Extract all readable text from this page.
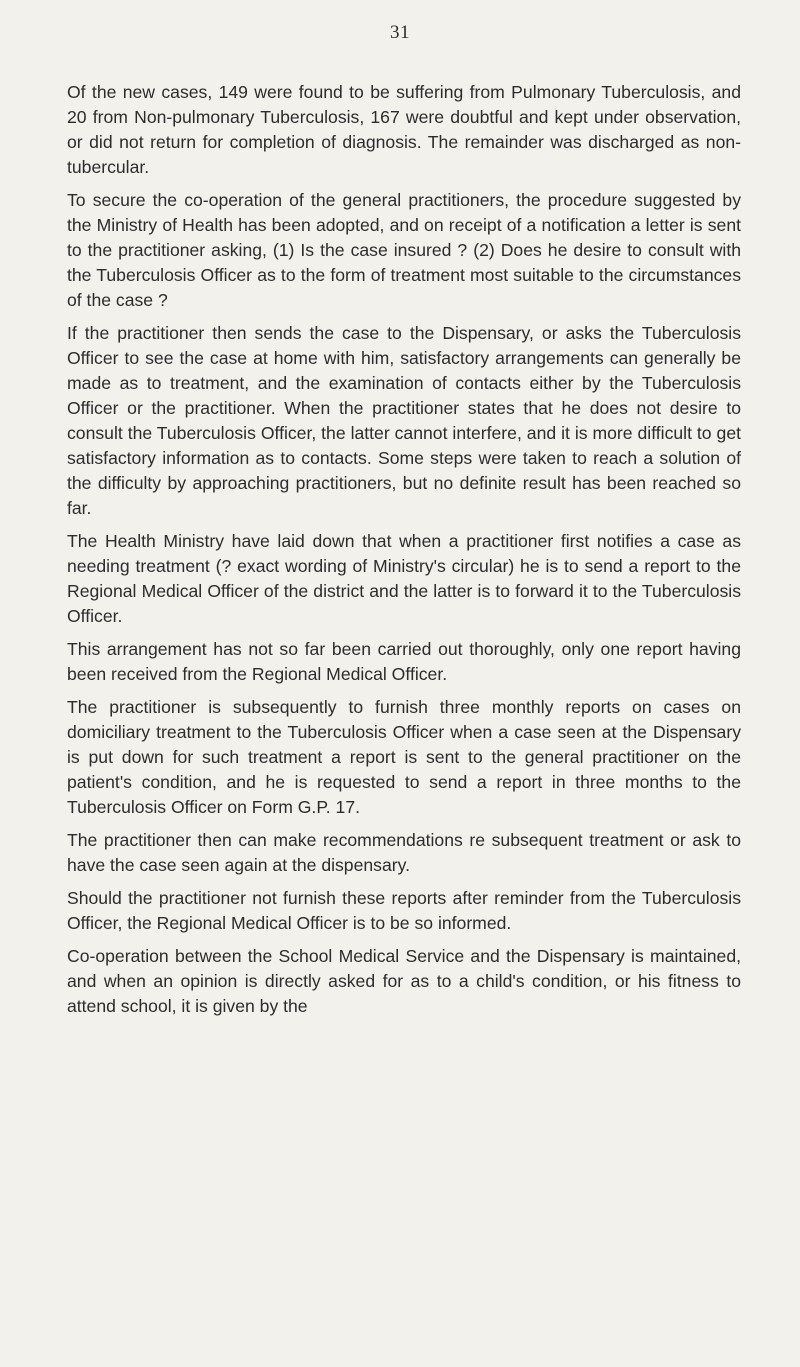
31

Of the new cases, 149 were found to be suffering from Pulmonary Tuberculosis, and 20 from Non-pulmonary Tuberculosis, 167 were doubtful and kept under observation, or did not return for completion of diagnosis. The remainder was discharged as non-tubercular.

To secure the co-operation of the general practitioners, the procedure suggested by the Ministry of Health has been adopted, and on receipt of a notification a letter is sent to the practitioner asking, (1) Is the case insured ? (2) Does he desire to consult with the Tuberculosis Officer as to the form of treatment most suitable to the circumstances of the case ?

If the practitioner then sends the case to the Dispensary, or asks the Tuberculosis Officer to see the case at home with him, satisfactory arrangements can generally be made as to treatment, and the examination of contacts either by the Tuberculosis Officer or the practitioner. When the practitioner states that he does not desire to consult the Tuberculosis Officer, the latter cannot interfere, and it is more difficult to get satisfactory information as to contacts. Some steps were taken to reach a solution of the difficulty by approaching practitioners, but no definite result has been reached so far.

The Health Ministry have laid down that when a practitioner first notifies a case as needing treatment (? exact wording of Ministry's circular) he is to send a report to the Regional Medical Officer of the district and the latter is to forward it to the Tuberculosis Officer.

This arrangement has not so far been carried out thoroughly, only one report having been received from the Regional Medical Officer.

The practitioner is subsequently to furnish three monthly reports on cases on domiciliary treatment to the Tuberculosis Officer when a case seen at the Dispensary is put down for such treatment a report is sent to the general practitioner on the patient's condition, and he is requested to send a report in three months to the Tuberculosis Officer on Form G.P. 17.

The practitioner then can make recommendations re subsequent treatment or ask to have the case seen again at the dispensary.

Should the practitioner not furnish these reports after reminder from the Tuberculosis Officer, the Regional Medical Officer is to be so informed.

Co-operation between the School Medical Service and the Dispensary is maintained, and when an opinion is directly asked for as to a child's condition, or his fitness to attend school, it is given by the
